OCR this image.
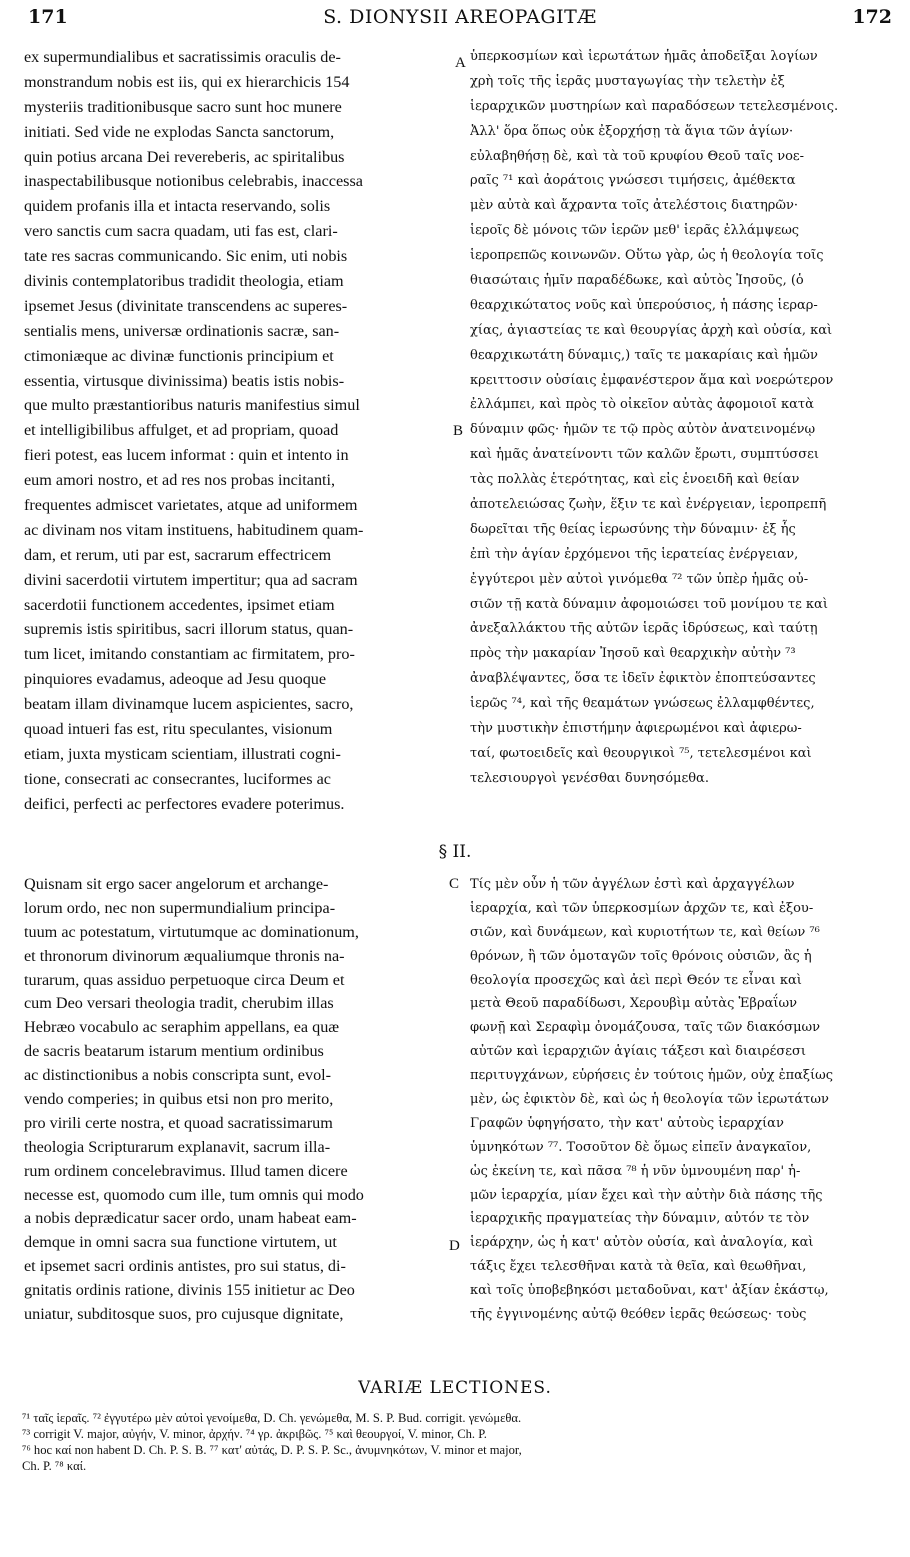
171	S. DIONYSII AREOPAGITÆ	172
ex supermundialibus et sacratissimis oraculis de-
monstrandum nobis est iis, qui ex hierarchicis 154
mysteriis traditionibusque sacro sunt hoc munere
initiati. Sed vide ne explodas Sancta sanctorum,
quin potius arcana Dei revereberis, ac spiritalibus
inaspectabilibusque notionibus celebrabis, inaccessa
quidem profanis illa et intacta reservando, solis
vero sanctis cum sacra quadam, uti fas est, clari-
tate res sacras communicando. Sic enim, uti nobis
divinis contemplatoribus tradidit theologia, etiam
ipsemet Jesus (divinitate transcendens ac superes-
sentialis mens, universæ ordinationis sacræ, san-
ctimoniæque ac divinæ functionis principium et
essentia, virtusque divinissima) beatis istis nobis-
que multo præstantioribus naturis manifestius simul
et intelligibilibus affulget, et ad propriam, quoad
fieri potest, eas lucem informat : quin et intento in
eum amori nostro, et ad res nos probas incitanti,
frequentes admiscet varietates, atque ad uniformem
ac divinam nos vitam instituens, habitudinem quam-
dam, et rerum, uti par est, sacrarum effectricem
divini sacerdotii virtutem impertitur; qua ad sacram
sacerdotii functionem accedentes, ipsimet etiam
supremis istis spiritibus, sacri illorum status, quan-
tum licet, imitando constantiam ac firmitatem, pro-
pinquiores evadamus, adeoque ad Jesu quoque
beatam illam divinamque lucem aspicientes, sacro,
quoad intueri fas est, ritu speculantes, visionum
etiam, juxta mysticam scientiam, illustrati cogni-
tione, consecrati ac consecrantes, luciformes ac
deifici, perfecti ac perfectores evadere poterimus.
ὑπερκοσμίων καὶ ἱερωτάτων ἡμᾶς ἀποδεῖξαι λογίων
χρὴ τοῖς τῆς ἱερᾶς μυσταγωγίας τὴν τελετὴν ἐξ
ἱεραρχικῶν μυστηρίων καὶ παραδόσεων τετελεσμένοις.
Ἀλλ' ὅρα ὅπως οὐκ ἐξορχήσῃ τὰ ἅγια τῶν ἁγίων·
εὐλαβηθήσῃ δὲ, καὶ τὰ τοῦ κρυφίου Θεοῦ ταῖς νοε-
ραῖς ⁷¹ καὶ ἀοράτοις γνώσεσι τιμήσεις, ἀμέθεκτα
μὲν αὐτὰ καὶ ἄχραντα τοῖς ἀτελέστοις διατηρῶν·
ἱεροῖς δὲ μόνοις τῶν ἱερῶν μεθ' ἱερᾶς ἐλλάμψεως
ἱεροπρεπῶς κοινωνῶν. Οὕτω γὰρ, ὡς ἡ θεολογία τοῖς
θιασώταις ἡμῖν παραδέδωκε, καὶ αὐτὸς Ἰησοῦς, (ὁ
θεαρχικώτατος νοῦς καὶ ὑπερούσιος, ἡ πάσης ἱεραρ-
χίας, ἁγιαστείας τε καὶ θεουργίας ἀρχὴ καὶ οὐσία, καὶ
θεαρχικωτάτη δύναμις,) ταῖς τε μακαρίαις καὶ ἡμῶν
κρειττοσιν οὐσίαις ἐμφανέστερον ἅμα καὶ νοερώτερον
ἐλλάμπει, καὶ πρὸς τὸ οἰκεῖον αὐτὰς ἀφομοιοῖ κατὰ
δύναμιν φῶς· ἡμῶν τε τῷ πρὸς αὐτὸν ἀνατεινομένῳ
καὶ ἡμᾶς ἀνατείνοντι τῶν καλῶν ἔρωτι, συμπτύσσει
τὰς πολλὰς ἑτερότητας, καὶ εἰς ἑνοειδῆ καὶ θείαν
ἀποτελειώσας ζωὴν, ἕξιν τε καὶ ἐνέργειαν, ἱεροπρεπῆ
δωρεῖται τῆς θείας ἱερωσύνης τὴν δύναμιν· ἐξ ἧς
ἐπὶ τὴν ἁγίαν ἐρχόμενοι τῆς ἱερατείας ἐνέργειαν,
ἐγγύτεροι μὲν αὐτοὶ γινόμεθα ⁷² τῶν ὑπὲρ ἡμᾶς οὐ-
σιῶν τῇ κατὰ δύναμιν ἀφομοιώσει τοῦ μονίμου τε καὶ
ἀνεξαλλάκτου τῆς αὐτῶν ἱερᾶς ἱδρύσεως, καὶ ταύτῃ
πρὸς τὴν μακαρίαν Ἰησοῦ καὶ θεαρχικὴν αὐτὴν ⁷³
ἀναβλέψαντες, ὅσα τε ἰδεῖν ἐφικτὸν ἐποπτεύσαντες
ἱερῶς ⁷⁴, καὶ τῆς θεαμάτων γνώσεως ἐλλαμφθέντες,
τὴν μυστικὴν ἐπιστήμην ἀφιερωμένοι καὶ ἀφιερω-
ταί, φωτοειδεῖς καὶ θεουργικοὶ ⁷⁵, τετελεσμένοι καὶ
τελεσιουργοὶ γενέσθαι δυνησόμεθα.
A
B
§ II.
Quisnam sit ergo sacer angelorum et archange-
lorum ordo, nec non supermundialium principa-
tuum ac potestatum, virtutumque ac dominationum,
et thronorum divinorum æqualiumque thronis na-
turarum, quas assiduo perpetuoque circa Deum et
cum Deo versari theologia tradit, cherubim illas
Hebræo vocabulo ac seraphim appellans, ea quæ
de sacris beatarum istarum mentium ordinibus
ac distinctionibus a nobis conscripta sunt, evol-
vendo comperies; in quibus etsi non pro merito,
pro virili certe nostra, et quoad sacratissimarum
theologia Scripturarum explanavit, sacrum illa-
rum ordinem concelebravimus. Illud tamen dicere
necesse est, quomodo cum ille, tum omnis qui modo
a nobis deprædicatur sacer ordo, unam habeat eam-
demque in omni sacra sua functione virtutem, ut
et ipsemet sacri ordinis antistes, pro sui status, di-
gnitatis ordinis ratione, divinis 155 initietur ac Deo
uniatur, subditosque suos, pro cujusque dignitate,
Τίς μὲν οὖν ἡ τῶν ἀγγέλων ἐστὶ καὶ ἀρχαγγέλων
ἱεραρχία, καὶ τῶν ὑπερκοσμίων ἀρχῶν τε, καὶ ἐξου-
σιῶν, καὶ δυνάμεων, καὶ κυριοτήτων τε, καὶ θείων ⁷⁶
θρόνων, ἢ τῶν ὁμοταγῶν τοῖς θρόνοις οὐσιῶν, ἃς ἡ
θεολογία προσεχῶς καὶ ἀεὶ περὶ Θεόν τε εἶναι καὶ
μετὰ Θεοῦ παραδίδωσι, Χερουβὶμ αὐτὰς Ἑβραΐων
φωνῇ καὶ Σεραφὶμ ὀνομάζουσα, ταῖς τῶν διακόσμων
αὐτῶν καὶ ἱεραρχιῶν ἁγίαις τάξεσι καὶ διαιρέσεσι
περιτυγχάνων, εὑρήσεις ἐν τούτοις ἡμῶν, οὐχ ἐπαξίως
μὲν, ὡς ἐφικτὸν δὲ, καὶ ὡς ἡ θεολογία τῶν ἱερωτάτων
Γραφῶν ὑφηγήσατο, τὴν κατ' αὐτοὺς ἱεραρχίαν
ὑμνηκότων ⁷⁷. Τοσοῦτον δὲ ὅμως εἰπεῖν ἀναγκαῖον,
ὡς ἐκείνη τε, καὶ πᾶσα ⁷⁸ ἡ νῦν ὑμνουμένη παρ' ἡ-
μῶν ἱεραρχία, μίαν ἔχει καὶ τὴν αὐτὴν διὰ πάσης τῆς
ἱεραρχικῆς πραγματείας τὴν δύναμιν, αὐτόν τε τὸν
ἱεράρχην, ὡς ἡ κατ' αὐτὸν οὐσία, καὶ ἀναλογία, καὶ
τάξις ἔχει τελεσθῆναι κατὰ τὰ θεῖα, καὶ θεωθῆναι,
καὶ τοῖς ὑποβεβηκόσι μεταδοῦναι, κατ' ἀξίαν ἑκάστῳ,
τῆς ἐγγινομένης αὐτῷ θεόθεν ἱερᾶς θεώσεως· τοὺς
C
D
VARIÆ LECTIONES.
⁷¹ ταῖς ἱεραῖς. ⁷² ἐγγυτέρω μὲν αὐτοὶ γενοίμεθα, D. Ch. γενώμεθα, M. S. P. Bud. corrigit. γενώμεθα.
⁷³ corrigit V. major, αὐγήν, V. minor, ἀρχήν. ⁷⁴ γρ. ἀκριβῶς. ⁷⁵ καὶ θεουργοί, V. minor, Ch. P.
⁷⁶ hoc καί non habent D. Ch. P. S. B. ⁷⁷ κατ' αὐτάς, D. P. S. P. Sc., ἀνυμνηκότων, V. minor et major,
Ch. P. ⁷⁸ καί.
